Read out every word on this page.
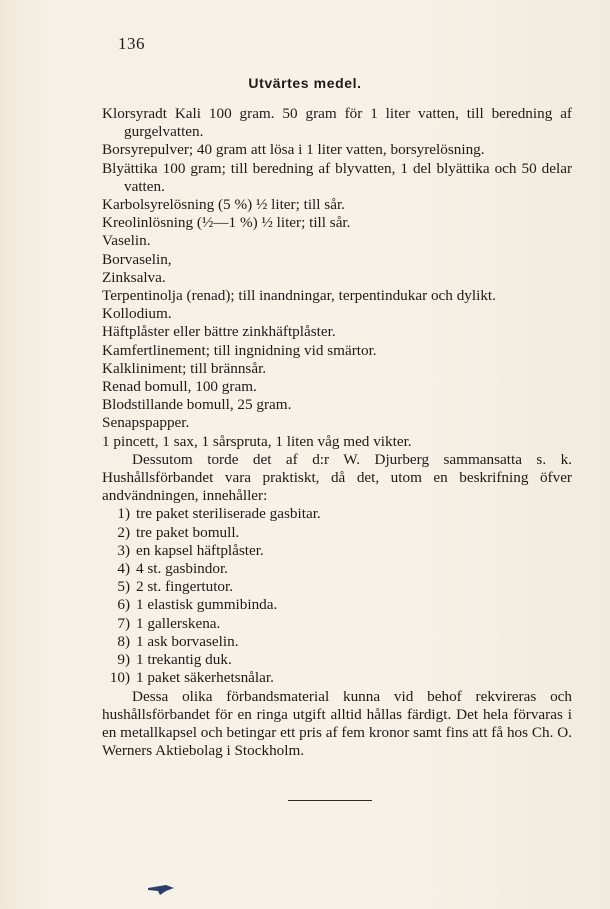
136
Utvärtes medel.
Klorsyradt Kali 100 gram. 50 gram för 1 liter vatten, till beredning af gurgelvatten.
Borsyrepulver; 40 gram att lösa i 1 liter vatten, borsyrelösning.
Blyättika 100 gram; till beredning af blyvatten, 1 del blyättika och 50 delar vatten.
Karbolsyrelösning (5 %) ½ liter; till sår.
Kreolinlösning (½—1 %) ½ liter; till sår.
Vaselin.
Borvaselin,
Zinksalva.
Terpentinolja (renad); till inandningar, terpentindukar och dylikt.
Kollodium.
Häftplåster eller bättre zinkhäftplåster.
Kamfertlinement; till ingnidning vid smärtor.
Kalkliniment; till brännsår.
Renad bomull, 100 gram.
Blodstillande bomull, 25 gram.
Senapspapper.
1 pincett, 1 sax, 1 sårspruta, 1 liten våg med vikter.
Dessutom torde det af d:r W. Djurberg sammansatta s. k. Hushållsförbandet vara praktiskt, då det, utom en beskrifning öfver andvändningen, innehåller:
1) tre paket steriliserade gasbitar.
2) tre paket bomull.
3) en kapsel häftplåster.
4) 4 st. gasbindor.
5) 2 st. fingertutor.
6) 1 elastisk gummibinda.
7) 1 gallerskena.
8) 1 ask borvaselin.
9) 1 trekantig duk.
10) 1 paket säkerhetsnålar.
Dessa olika förbandsmaterial kunna vid behof rekvireras och hushållsförbandet för en ringa utgift alltid hållas färdigt. Det hela förvaras i en metallkapsel och betingar ett pris af fem kronor samt fins att få hos Ch. O. Werners Aktiebolag i Stockholm.
